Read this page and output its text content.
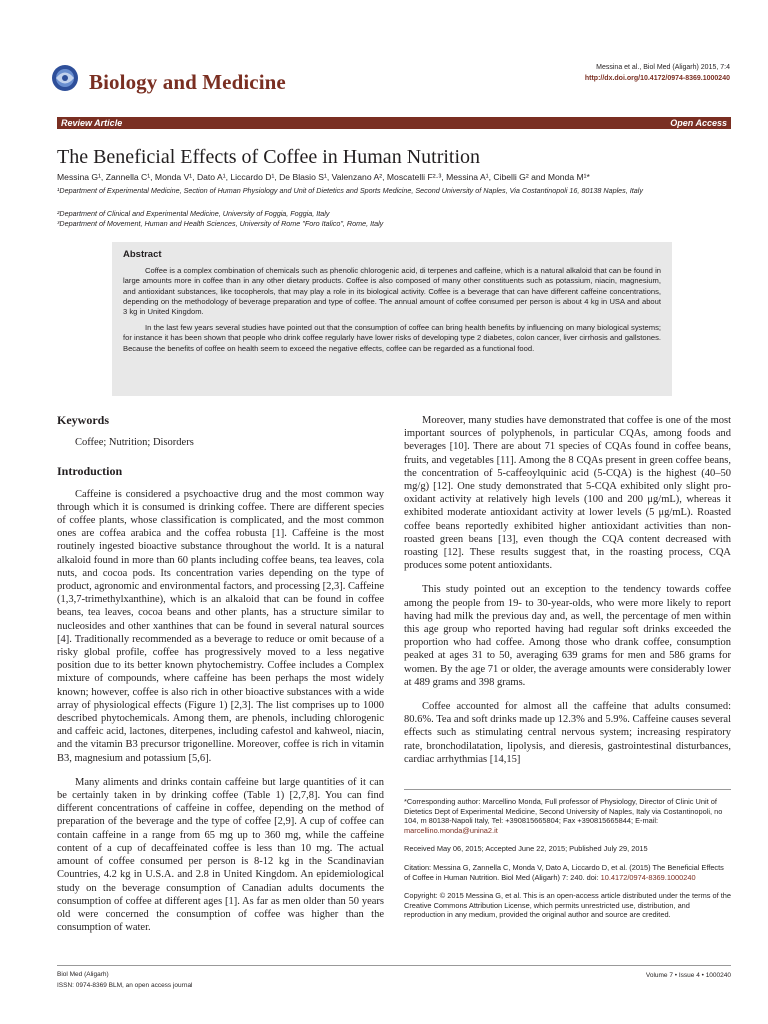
Biology and Medicine
Messina et al., Biol Med (Aligarh) 2015, 7:4
http://dx.doi.org/10.4172/0974-8369.1000240
Review Article	Open Access
The Beneficial Effects of Coffee in Human Nutrition
Messina G¹, Zannella C¹, Monda V¹, Dato A¹, Liccardo D¹, De Blasio S¹, Valenzano A², Moscatelli F²·³, Messina A¹, Cibelli G² and Monda M¹*
¹Department of Experimental Medicine, Section of Human Physiology and Unit of Dietetics and Sports Medicine, Second University of Naples, Via Costantinopoli 16, 80138 Naples, Italy
²Department of Clinical and Experimental Medicine, University of Foggia, Foggia, Italy
³Department of Movement, Human and Health Sciences, University of Rome "Foro Italico", Rome, Italy
Abstract

Coffee is a complex combination of chemicals such as phenolic chlorogenic acid, di terpenes and caffeine, which is a natural alkaloid that can be found in large amounts more in coffee than in any other dietary products. Coffee is also composed of many other constituents such as potassium, niacin, magnesium, and antioxidant substances, like tocopherols, that may play a role in its biological activity. Coffee is a beverage that can have different caffeine concentrations, depending on the methodology of beverage preparation and type of coffee. The annual amount of coffee consumed per person is about 4 kg in USA and about 3 kg in United Kingdom.

In the last few years several studies have pointed out that the consumption of coffee can bring health benefits by influencing on many biological systems; for instance it has been shown that people who drink coffee regularly have lower risks of developing type 2 diabetes, colon cancer, liver cirrhosis and gallstones. Because the benefits of coffee on health seem to exceed the negative effects, coffee can be regarded as a functional food.

Keywords
Coffee; Nutrition; Disorders
Introduction

Caffeine is considered a psychoactive drug and the most common way through which it is consumed is drinking coffee. There are different species of coffee plants, whose classification is complicated, and the most common ones are coffea arabica and the coffea robusta [1]. Caffeine is the most routinely ingested bioactive substance throughout the world. It is a natural alkaloid found in more than 60 plants including coffee beans, tea leaves, cola nuts, and cocoa pods. Its concentration varies depending on the type of product, agronomic and environmental factors, and processing [2,3]. Caffeine (1,3,7-trimethylxanthine), which is an alkaloid that can be found in coffee beans, tea leaves, cocoa beans and other plants, has a structure similar to nucleosides and other xanthines that can be found in several natural sources [4]. Traditionally recommended as a beverage to reduce or omit because of a risky global profile, coffee has progressively moved to a less negative position due to its better known phytochemistry. Coffee includes a Complex mixture of compounds, where caffeine has been perhaps the most widely known; however, coffee is also rich in other bioactive substances with a wide array of physiological effects (Figure 1) [2,3]. The list comprises up to 1000 described phytochemicals. Among them, are phenols, including chlorogenic and caffeic acid, lactones, diterpenes, including cafestol and kahweol, niacin, and the vitamin B3 precursor trigonelline. Moreover, coffee is rich in vitamin B3, magnesium and potassium [5,6].

Many aliments and drinks contain caffeine but large quantities of it can be certainly taken in by drinking coffee (Table 1) [2,7,8]. You can find different concentrations of caffeine in coffee, depending on the method of preparation of the beverage and the type of coffee [2,9]. A cup of coffee can contain caffeine in a range from 65 mg up to 360 mg, while the caffeine content of a cup of decaffeinated coffee is less than 10 mg. The actual amount of coffee consumed per person is 8-12 kg in the Scandinavian Countries, 4.2 kg in U.S.A. and 2.8 in United Kingdom. An epidemiological study on the beverage consumption of Canadian adults documents the consumption of coffee at different ages [1]. As far as men older than 50 years old were concerned the consumption of coffee was higher than the consumption of water.

Moreover, many studies have demonstrated that coffee is one of the most important sources of polyphenols, in particular CQAs, among foods and beverages [10]. There are about 71 species of CQAs found in coffee beans, fruits, and vegetables [11]. Among the 8 CQAs present in green coffee beans, the concentration of 5-caffeoylquinic acid (5-CQA) is the highest (40–50 mg/g) [12]. One study demonstrated that 5-CQA exhibited only slight pro-oxidant activity at relatively high levels (100 and 200 μg/mL), whereas it exhibited moderate antioxidant activity at lower levels (5 μg/mL). Roasted coffee beans reportedly exhibited higher antioxidant activities than non-roasted green beans [13], even though the CQA content decreased with roasting [12]. These results suggest that, in the roasting process, CQA produces some potent antioxidants.

This study pointed out an exception to the tendency towards coffee among the people from 19- to 30-year-olds, who were more likely to report having had milk the previous day and, as well, the percentage of men within this age group who reported having had regular soft drinks exceeded the proportion who had coffee. Among those who drank coffee, consumption peaked at ages 31 to 50, averaging 639 grams for men and 586 grams for women. By the age 71 or older, the average amounts were considerably lower at 489 grams and 398 grams.

Coffee accounted for almost all the caffeine that adults consumed: 80.6%. Tea and soft drinks made up 12.3% and 5.9%. Caffeine causes several effects such as stimulating central nervous system; increasing respiratory rate, bronchodilatation, lipolysis, and dieresis, gastrointestinal disturbances, cardiac arrhythmias [14,15]

*Corresponding author: Marcellino Monda, Full professor of Physiology, Director of Clinic Unit of Dietetics Dept of Experimental Medicine, Second University of Naples, Italy via Costantinopoli, no 104, m 80138-Napoli Italy, Tel: +390815665804; Fax +390815665844; E-mail: marcellino.monda@unina2.it

Received May 06, 2015; Accepted June 22, 2015; Published July 29, 2015

Citation: Messina G, Zannella C, Monda V, Dato A, Liccardo D, et al. (2015) The Beneficial Effects of Coffee in Human Nutrition. Biol Med (Aligarh) 7: 240. doi: 10.4172/0974-8369.1000240

Copyright: © 2015 Messina G, et al. This is an open-access article distributed under the terms of the Creative Commons Attribution License, which permits unrestricted use, distribution, and reproduction in any medium, provided the original author and source are credited.

Biol Med (Aligarh)
ISSN: 0974-8369 BLM, an open access journal
Volume 7 • Issue 4 • 1000240
